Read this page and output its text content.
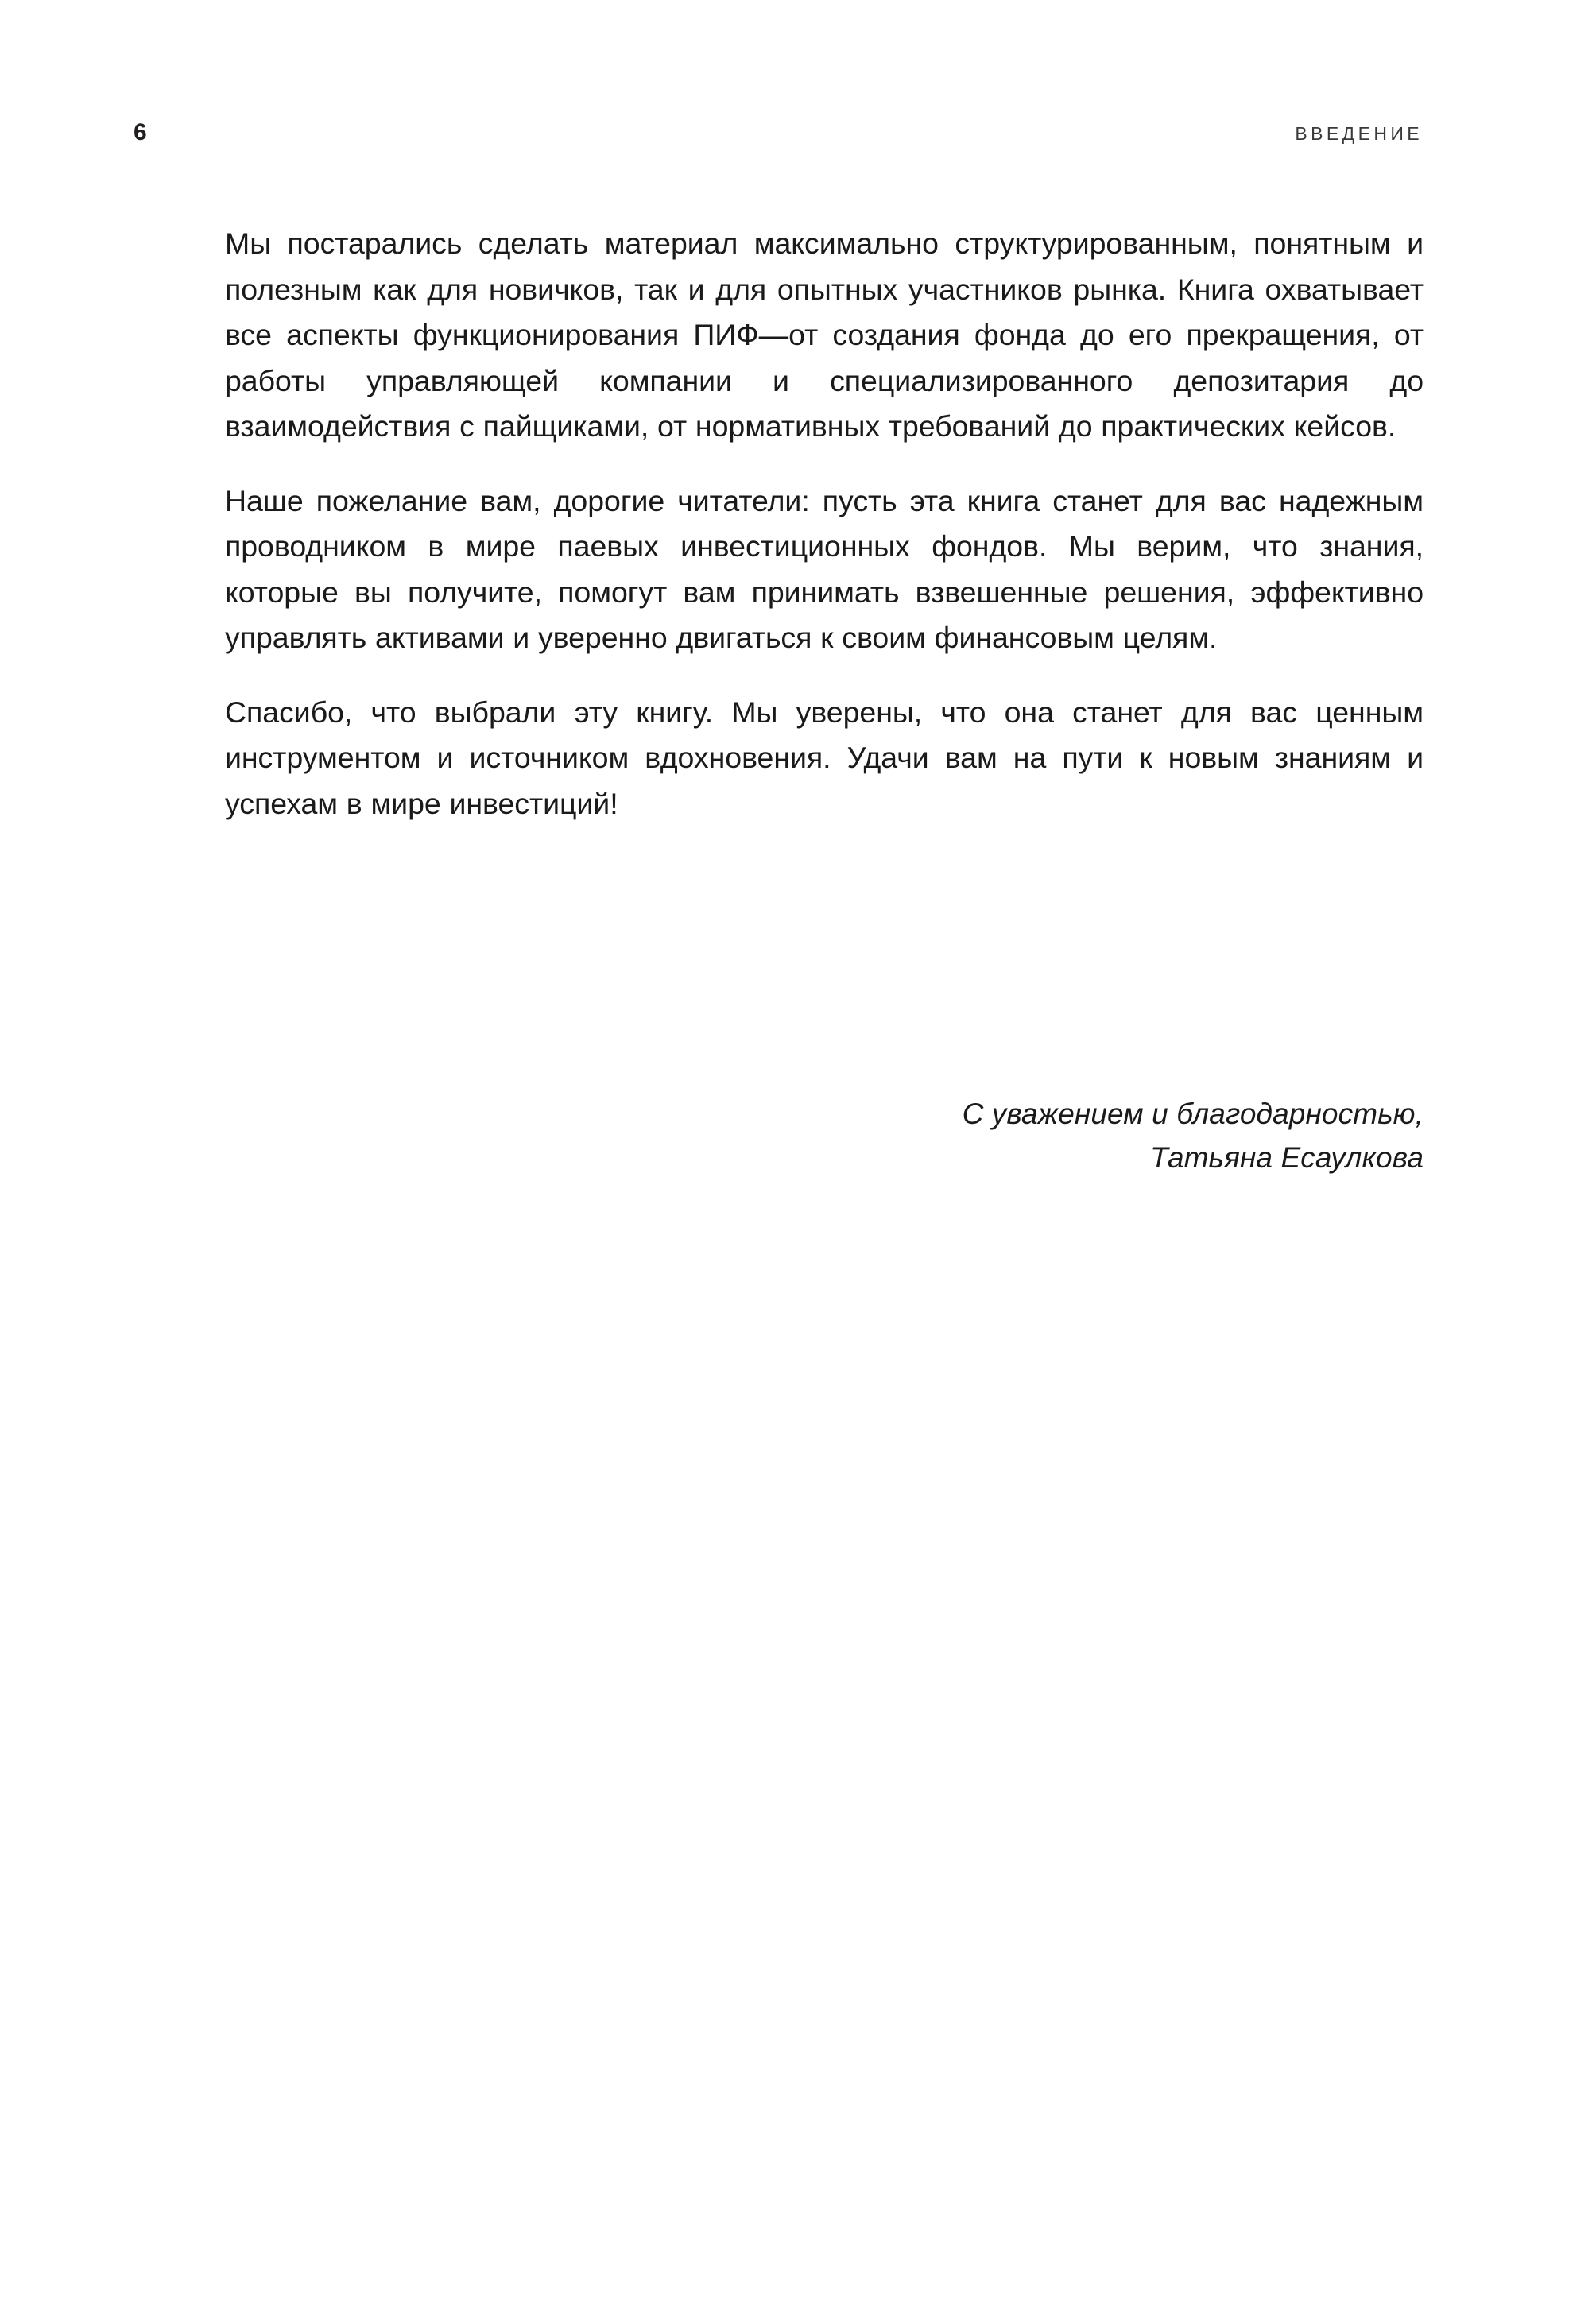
6	ВВЕДЕНИЕ

Мы постарались сделать материал максимально структурированным, понятным и полезным как для новичков, так и для опытных участников рынка. Книга охватывает все аспекты функционирования ПИФ—от создания фонда до его прекращения, от работы управляющей компании и специализированного депозитария до взаимодействия с пайщиками, от нормативных требований до практических кейсов.

Наше пожелание вам, дорогие читатели: пусть эта книга станет для вас надежным проводником в мире паевых инвестиционных фондов. Мы верим, что знания, которые вы получите, помогут вам принимать взвешенные решения, эффективно управлять активами и уверенно двигаться к своим финансовым целям.

Спасибо, что выбрали эту книгу. Мы уверены, что она станет для вас ценным инструментом и источником вдохновения. Удачи вам на пути к новым знаниям и успехам в мире инвестиций!

С уважением и благодарностью,
Татьяна Есаулкова
